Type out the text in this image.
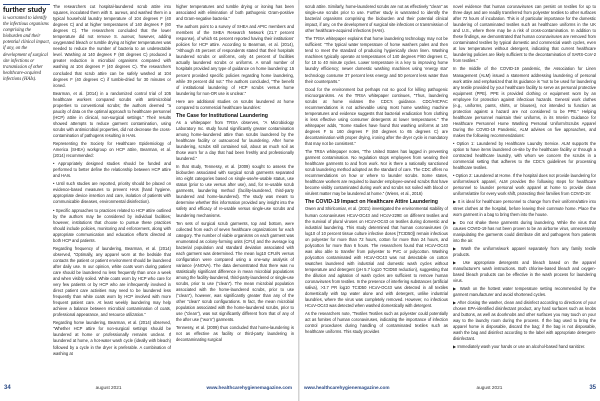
further study
is warranted to identify the infectious organisms comprising the bioburden and their potential clinical impact, if any, on the development of surgical site infections or transmission of other healthcare-acquired infections (HAIs).

The researchers cut hospital-laundered scrub attire into squares, inoculated them with S. aureus, and washed them in a typical household laundry temperature of 104 degrees F (40 degrees C) and at higher temperatures of 140 degrees F (60 degrees C). The researchers concluded that the lower temperature did not remove S. aureus; however, adding oxygenated bleach or tumble drying at higher temperatures was needed to reduce the number of bacteria to an undetectable level. Washing at 140 degrees F (60 degrees C) produced a greater reduction in microbial organisms compared with washing at 104 degrees F (40 degrees C). The researchers concluded that scrub attire can be safely washed at 104 degrees F (40 degrees C) if tumble-dried for 30 minutes or ironed.

Bearman, et al. (2014) in a randomized control trial of 105 healthcare workers compared scrubs with antimicrobial properties to conventional scrubs; the authors deemed "a paucity of data on the optimal approach to healthcare personnel (HCP) attire in clinical, non-surgical settings." Their results showed attempts to reduce garment contamination, using scrubs with antimicrobial properties, did not decrease the cross-contamination of pathogens resulting in HAIs.

Representing the Society for Healthcare Epidemiology of America (SHEA) workgroup on HCP attire, Bearman, et al. (2014) recommended:

• Appropriately designed studies should be funded and performed to better define the relationship between HCP attire and HAIs.

• Until such studies are reported, priority should be placed on evidence-based measures to prevent HAIs (hand hygiene, appropriate device insertion and care, isolation of patients with communicable diseases, environmental disinfection).

• Specific approaches to practices related to HCP attire outlined by the authors may be considered by individual facilities; however, institutions that choose to pursue these practices should include policies, monitoring and enforcement, along with appropriate communication and education efforts directed at both HCP and patients.

Regarding frequency of laundering, Bearman, et al. (2014) observed, "Optimally, any apparel worn at the bedside that contacts the patient or patient environment should be laundered after daily use. In our opinion, white coats worn during patient care should be laundered no less frequently than once a week and when visibly soiled. White coats worn by HCP who care for very few patients or by HCP who are infrequently involved in direct patient care activities may need to be laundered less frequently than white coats worn by HCP involved with more frequent patient care. At least weekly laundering may help achieve a balance between microbial contamination of coats, professional appearance, and resource utilization."

Regarding home laundering, Bearman, et al. (2014) observed, "Whether HCP attire for non-surgical settings should be laundered at home or professionally remains unclear. If laundered at home, a hot-water wash cycle (ideally with bleach) followed by a cycle in the dryer is preferable. A combination of washing at

higher temperatures and tumble drying or ironing has been associated with elimination of both pathogenic Gram-positive and Gram-negative bacteria."

The authors point to a survey of SHEA and APIC members and members of the SHEA Research Network (21.7 percent response), of which 61 percent reported having their institutions' policies for HCP attire. According to Bearman, et al. (2014), "Although 45 percent of respondents stated that their hospitals laundered scrubs or uniforms, only 44 percent of facilities actually laundered scrubs or uniforms. A small number of hospitals provided any type of guidance on home laundering: 15 percent provided specific policies regarding home laundering, while 39 percent did not." The authors concluded, "The benefit of institutional laundering of HCP scrubs versus home laundering for non-OR use is unclear."

Here are additional studies on scrubs laundered at home compared to commercial healthcare laundries:

The Case for Institutional Laundering

As a whitepaper from TRSA observes, "A Microbiology Laboratory Inc. study found significantly greater contamination among home-laundered attire than scrubs laundered by the healthcare facility or outsourced for laundering. After home laundering, scrubs still contained soil, about as much soil as those worn for a day that had been freshly and professionally laundered."

In that study, Tennessy, et al. (2009) sought to assess the bioburden associated with surgical scrub garments separated into eight categories based on single-use/re-usable status, use status (prior to use versus after use), and, for re-usable scrub garments, laundering method (facility-laundered, third-party laundered and home-laundered). The study was meant to determine whether this information provided any insight into the safety and efficacy of re-usable versus single-use scrubs and laundering mechanisms.

Ten sets of surgical scrub garments, top and bottom, were collected from each of seven healthcare organizations for each category. The number of viable organisms on each garment was enumerated as colony-forming units (CFU) and the average log bacterial population and standard deviation associated with each garment was determined. The mean log10 CFU/N versus configuration were compared using a one-way analysis of variance (ANOVA). The data demonstrated that there was no statistically significant difference in mean microbial populations among the facility-laundered, third-party-laundered or single-use scrubs, prior to use ("clean"). The mean microbial population associated with the home-laundered scrubs, prior to use ("clean"), however, was significantly greater than any of the other "clean" scrub configurations. In fact, the mean microbial population associated with the home-laundered scrubs, prior to use ("clean"), was not significantly different from that of any of the after use ("worn") garments.

Tennessy, et al. (2009) thus concluded that home-laundering is not as effective as facility or third-party laundering in decontaminating surgical

34	august 2021	www.healthcarehygienemagazine.com

scrub attire. Similarly, home-laundered scrubs are not as effectively "clean" as single-use scrubs prior to use. Further study is warranted to identify the bacterial organisms comprising the bioburden and their potential clinical impact, if any, on the development of surgical site infections or transmission of other healthcare-acquired infections (HAIs).

The TRSA whitepaper explains that home laundering technology may not be sufficient: "The typical water temperature of home washers pales and then tend to meet the standard of producing hygienically clean linen. Washing machines typically operate at temperatures of 140 degrees F/60 degrees C, for 10 to 40 minute cycles. Lower temperature is a key to improving home laundry efficiency; newer domestic washing machines using 'energy star' technology consume 37 percent less energy and 50 percent less water than their counterparts."

Good for the environment but perhaps not so good for killing pathogenic microorganisms. As the TRSA whitepaper continues, "Thus, laundering scrubs at home violates the CDC's guidance. CDC/HICPAC recommendations is not achievable using most home washing machine temperatures and evidence suggests that bacterial eradication from clothing is less effective using consumer detergents at lower temperatures." The whitepaper adds, "Some studies have found that washing uniforms at 140 degrees F to 160 degrees F (60 degrees to 65 degrees C) are decontamination with proper drying, ironing after the dryer cycle is mandatory that may not be consistent."

The TRSA whitepaper notes, "The United States has lagged in preventing garment contamination. No regulation stops employees from wearing their healthcare garments to and from work. Nor is there a nationally sanctioned scrub laundering method adopted as the standard of care. The CDC offers no recommendations on how or where to launder scrubs. Some states, healthcare workers are required to launder employee-owned scrubs that have become visibly contaminated during work and scrubs not soiled with blood or virulent matter may be laundered at home." (Wiens, et al., 2016)

The COVID-19 Impact on Healthcare Attire Laundering

Owen and Shirlcomiar, et al. (2021) investigated the environmental stability of human coronaviruses HCoV-OC43 and HCoV-229E on different textiles and the survival of plural viruses on HCoV-OC43 on textiles during domestic and industrial laundering. This study determined that human coronaviruses (in log10 of 10 percent tissue culture infective doses [TCID50]) remain infectious on polyester for more than 72 hours, cotton for more than 24 hours, and polycotton for more than 6 hours. The researchers found that HCoV-OC43 was also able to transfer from polyester to PVC or polycotton. Washing polycotton contaminated with HCoV-OC43 was not detectable on cotton swatches laundered with industrial and domestic wash cycles without temperature and detergent (pH 5.7 log10 TCID50 reduction), suggesting that the dilution and agitation of wash cycles are sufficient to remove human coronaviruses from textiles. In the presence of interfering substances (artificial saliva), >3.7 PR log10 TCID50 HCoV-OC43 was detected in all textiles domestically with tap water alone and with detergent, unlike industrial laundries, where the virus was completely removed. However, no infectious HCoV-OC43 was detected when washed domestically with detergent.

As the researchers note, "Textiles Textiles such as polyester could potentially act as fomites of human coronaviruses, indicating the importance of infection control procedures during handling of contaminated textiles such as healthcare uniforms. This study provides

novel evidence that human coronaviruses can persist on textiles for up to three days and are readily transferred from polyester textiles to other surfaces after 72 hours of incubation. This is of particular importance for the domestic laundering of contaminated textiles such as healthcare uniforms in the UK and U.S., where there may be a risk of cross-contamination. In addition to these findings, we demonstrated that human coronaviruses are removed from contaminated textiles by typical domestic and commercial wash cycles, even at low temperatures without detergent, indicating that current healthcare laundering policies are likely sufficient to the decontamination of SARS-CoV-2 from textiles."

In the middle of the COVID-19 pandemic, the Association for Linen Management (ALM) issued a statement addressing laundering of personal work attire and emphasized that its guidance is "not to be used for laundering any textile provided by your healthcare facility to serve as personal protective equipment (PPE). PPE is provided clothing or equipment worn by an employee for protection against infectious hazards. General work clothes (e.g., uniforms, pants, shirts, or blouses), not intended to function as protection against a hazard are not considered to be PPE." Helping healthcare personnel maintain their uniforms, in its Interim Guidance for Healthcare Personnel Home Washing Personal Uniform/Scrubs Apparel During the COVID-19 Pandemic, ALM advises on five approaches, and makes the following recommendations:

• Option 1: Laundered by Healthcare Laundry Service. ALM supports the option to have items laundered on-site by the healthcare facility or through a contracted healthcare laundry, with whom we concern the scrubs in a commercial setting that adheres to the CDC's guidelines for processing healthcare textiles.

• Option 2: Laundered at Home. If the hospital does not provide laundering for uniforms/work apparel, ALM provides the following steps for healthcare personnel to launder personal work apparel at home to provide clean uniforms/attire for every work shift, protecting their families from COVID-19:

▶ It is ideal for healthcare personnel to change from their uniforms/attire into street clothes at the hospital, before leaving their commute home. Place the worn garment in a bag to bring them into the house.

▶ Do not shake these garments during laundering. While the virus that causes COVID-19 has not been proven to be an airborne virus, unnecessarily manipulating the garments could distribute dirt and pathogens from patients into the air.

▶ Wash the uniforms/work apparel separately from any family textile products.

▶ Use appropriate detergents and bleach based on the apparel manufacturer's wash instructions. Both chlorine-based bleach and oxygen-based bleach products can be effective in the wash process for laundering virus.

▶ Wash on the hottest water temperature setting recommended by the garment manufacturer and avoid shortened cycles.

▶ After closing the washer, clean and disinfect according to directions of your chosen EPA-identified disinfectant product, any hard surfaces such as knobs and buttons, as well as doorknobs and other surfaces you may touch on your way to the laundry room during the process. If the bag used to bring the apparel home is disposable, discard the bag; if the bag is not disposable, wash the bag and disinfect according to the label with appropriate detergent-disinfectant.

▶ Immediately wash your hands or use an alcohol-based hand sanitizer.

www.healthcarehygienemagazine.com	august 2021	35
